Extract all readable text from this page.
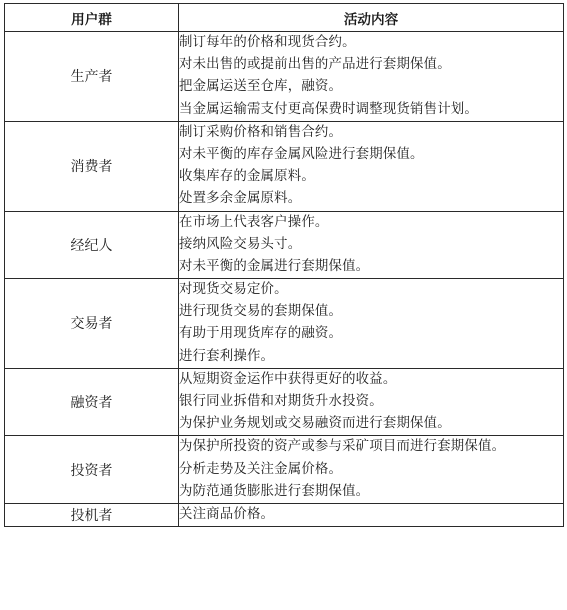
用户群	活动内容
生产者	制订每年的价格和现货合约。
对未出售的或提前出售的产品进行套期保值。
把金属运送至仓库，融资。
当金属运输需支付更高保费时调整现货销售计划。

消费者	制订采购价格和销售合约。
对未平衡的库存金属风险进行套期保值。
收集库存的金属原料。
处置多余金属原料。

经纪人	在市场上代表客户操作。
接纳风险交易头寸。
对未平衡的金属进行套期保值。

交易者	对现货交易定价。
进行现货交易的套期保值。
有助于用现货库存的融资。
进行套利操作。

融资者	从短期资金运作中获得更好的收益。
银行同业拆借和对期货升水投资。
为保护业务规划或交易融资而进行套期保值。

投资者	为保护所投资的资产或参与采矿项目而进行套期保值。
分析走势及关注金属价格。
为防范通货膨胀进行套期保值。

投机者	关注商品价格。
